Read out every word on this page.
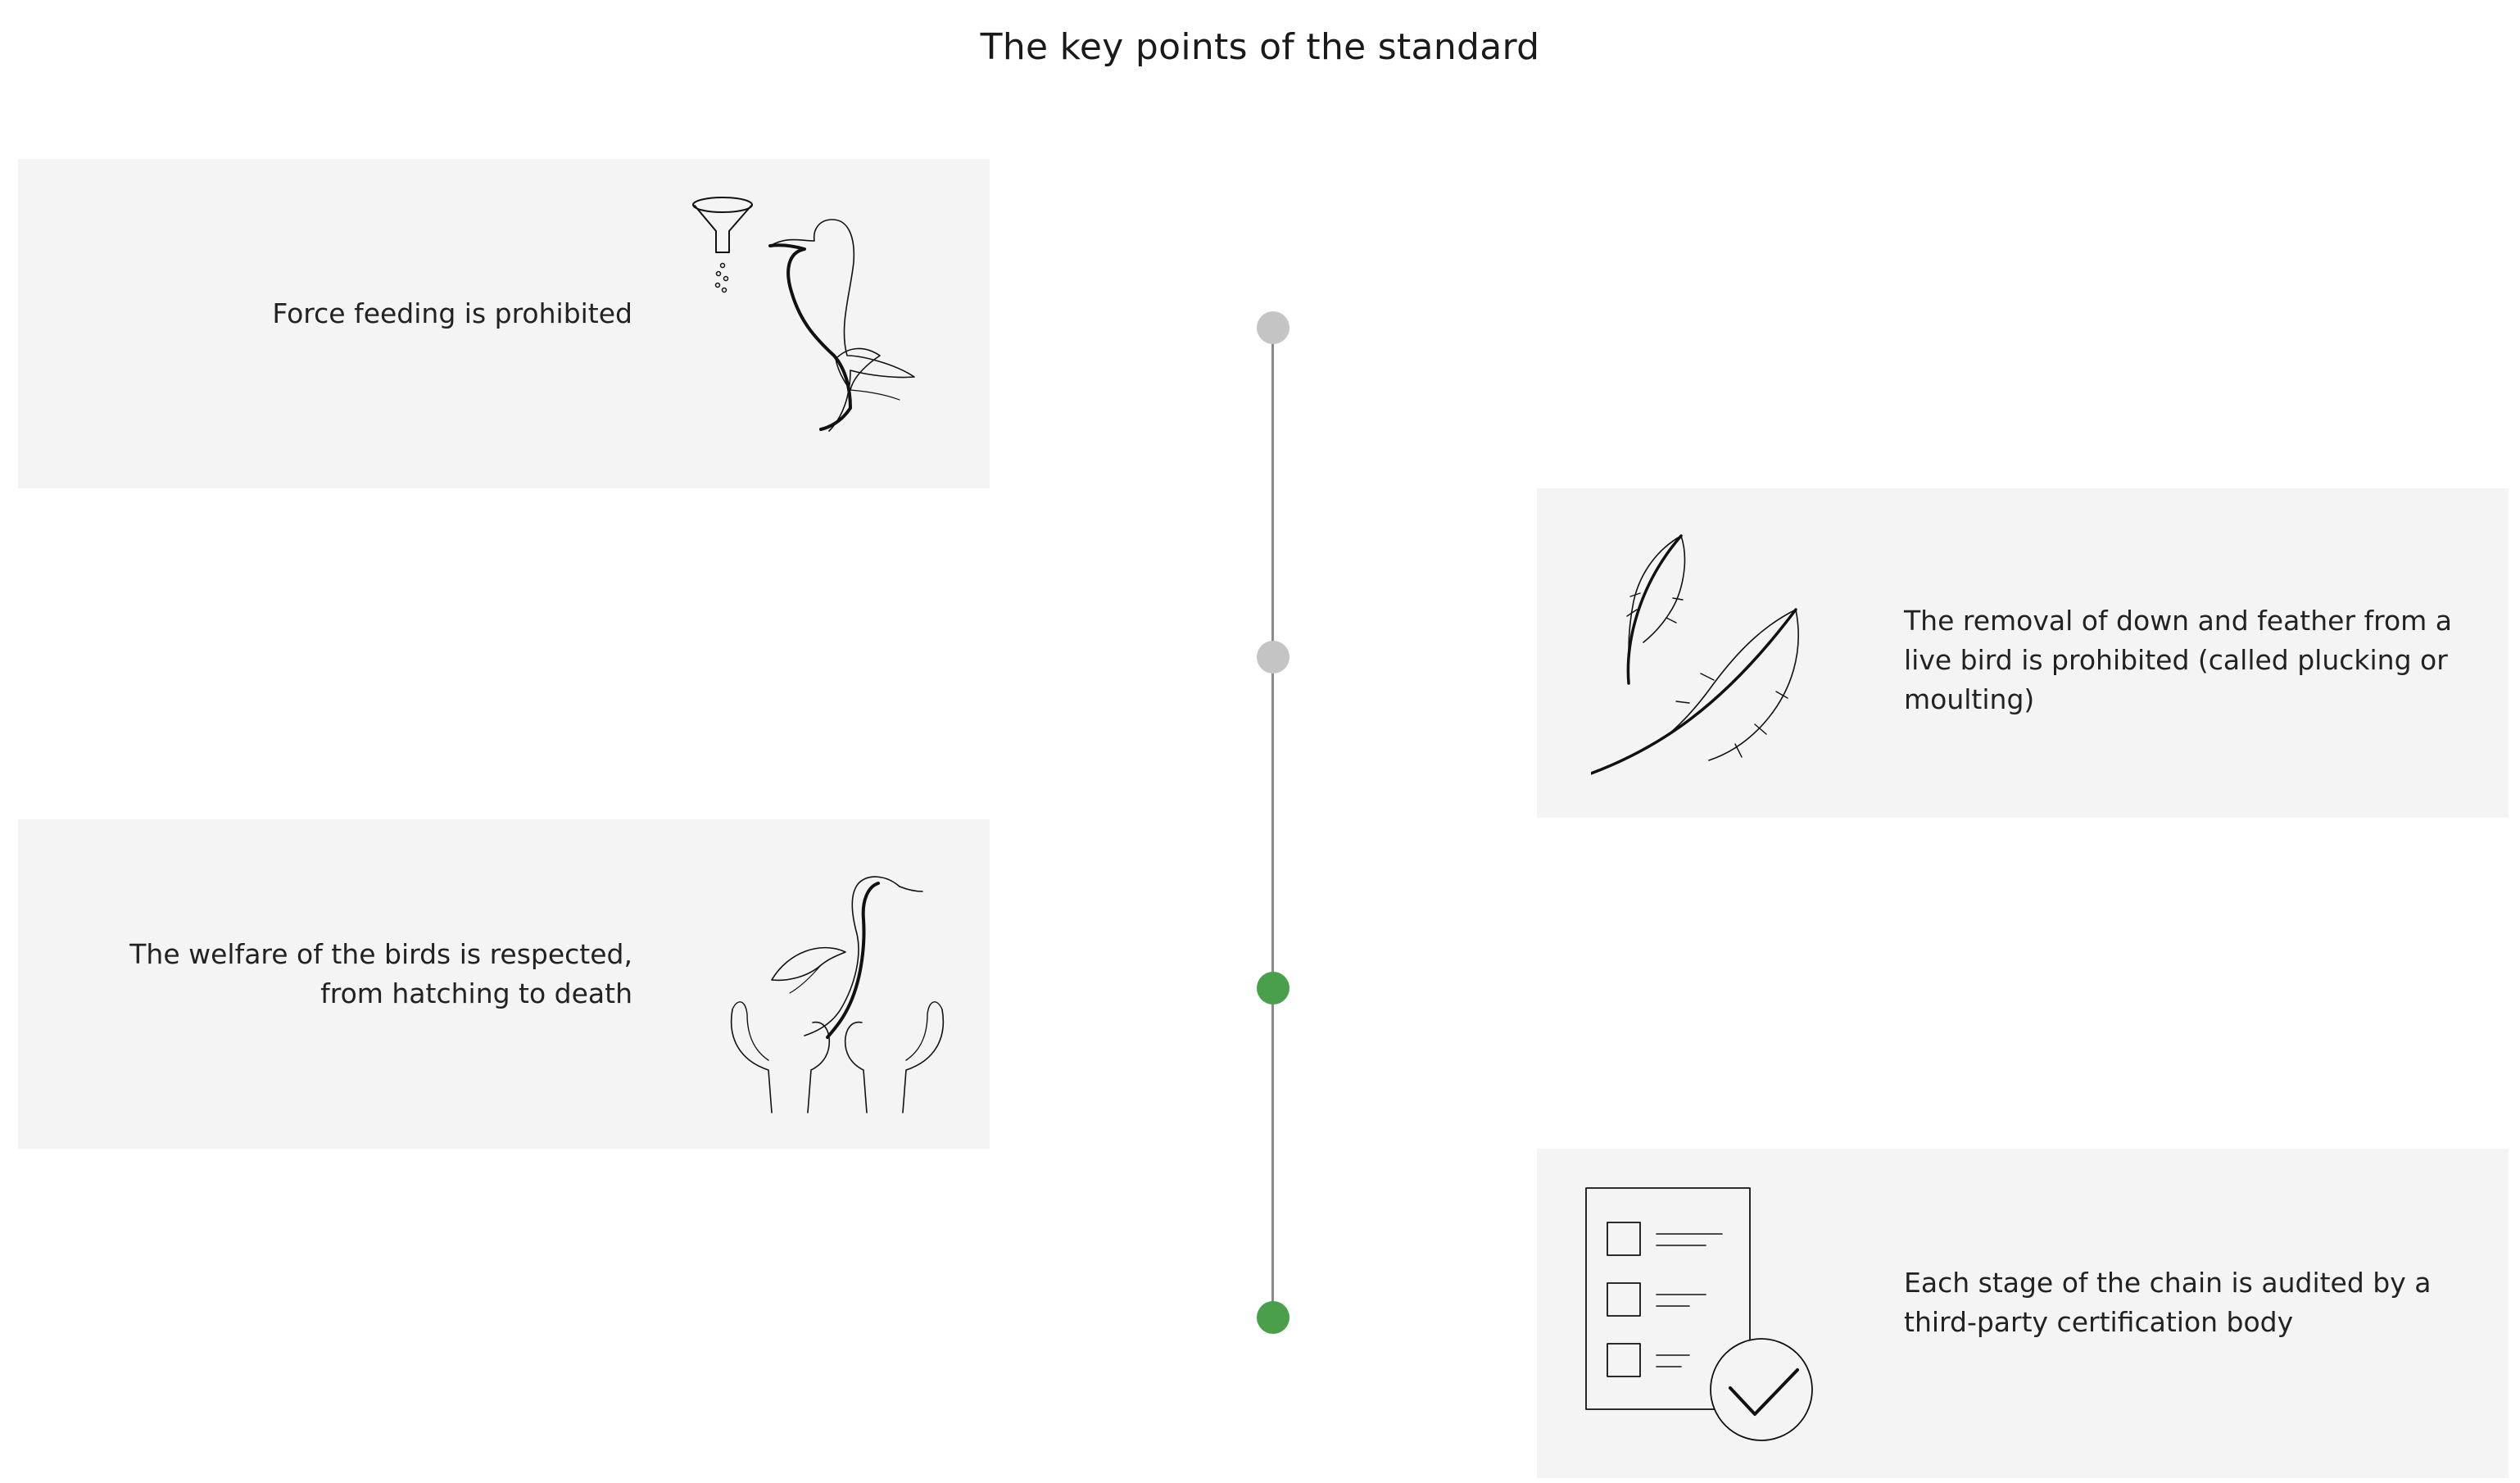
The key points of the standard
Force feeding is prohibited
The removal of down and feather from a live bird is prohibited (called plucking or moulting)
The welfare of the birds is respected, from hatching to death
Each stage of the chain is audited by a third-party certification body
